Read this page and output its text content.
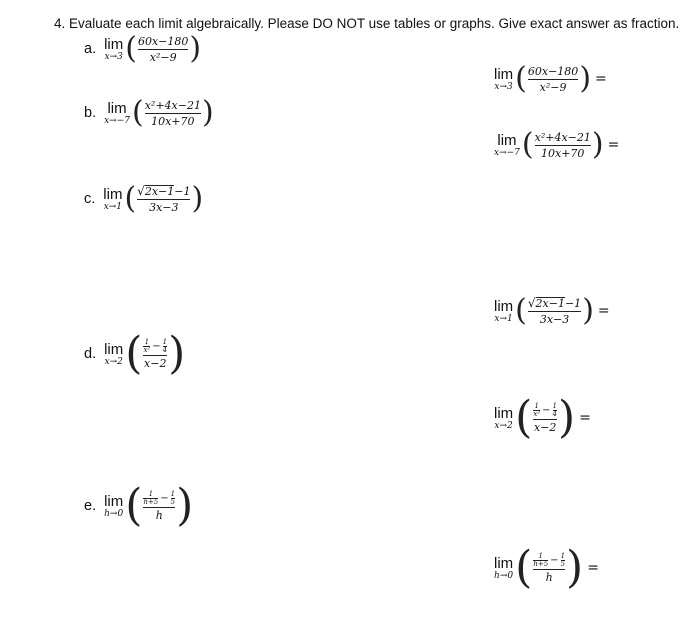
4. Evaluate each limit algebraically. Please DO NOT use tables or graphs. Give exact answer as fraction.
a. lim
x→3 ( $\frac{60x-180}{\text{x²−9}}$ )
b. lim
x→−7 ( $\frac{\text{x²+4x−21}}{10x+70}$ )
c. lim
x→1 ( $\frac{√ 2x-1 -1}{3x-3}$ )
d. lim
x→2 ( 1
x² − 1
4
x−2 )
e. lim
h→0 ( 1
h+5 − 1
5
h )
lim
x→3 ( $\frac{60x-180}{\text{x²−9}}$ ) =
lim
x→−7 ( $\frac{\text{x²+4x−21}}{10x+70}$ ) =
lim
x→1 ( $\frac{√ 2x-1 -1}{3x-3}$ ) =
lim
x→2 ( 1
x² − 1
4
x−2 ) =
lim
h→0 ( 1
h+5 − 1
5
h ) =
